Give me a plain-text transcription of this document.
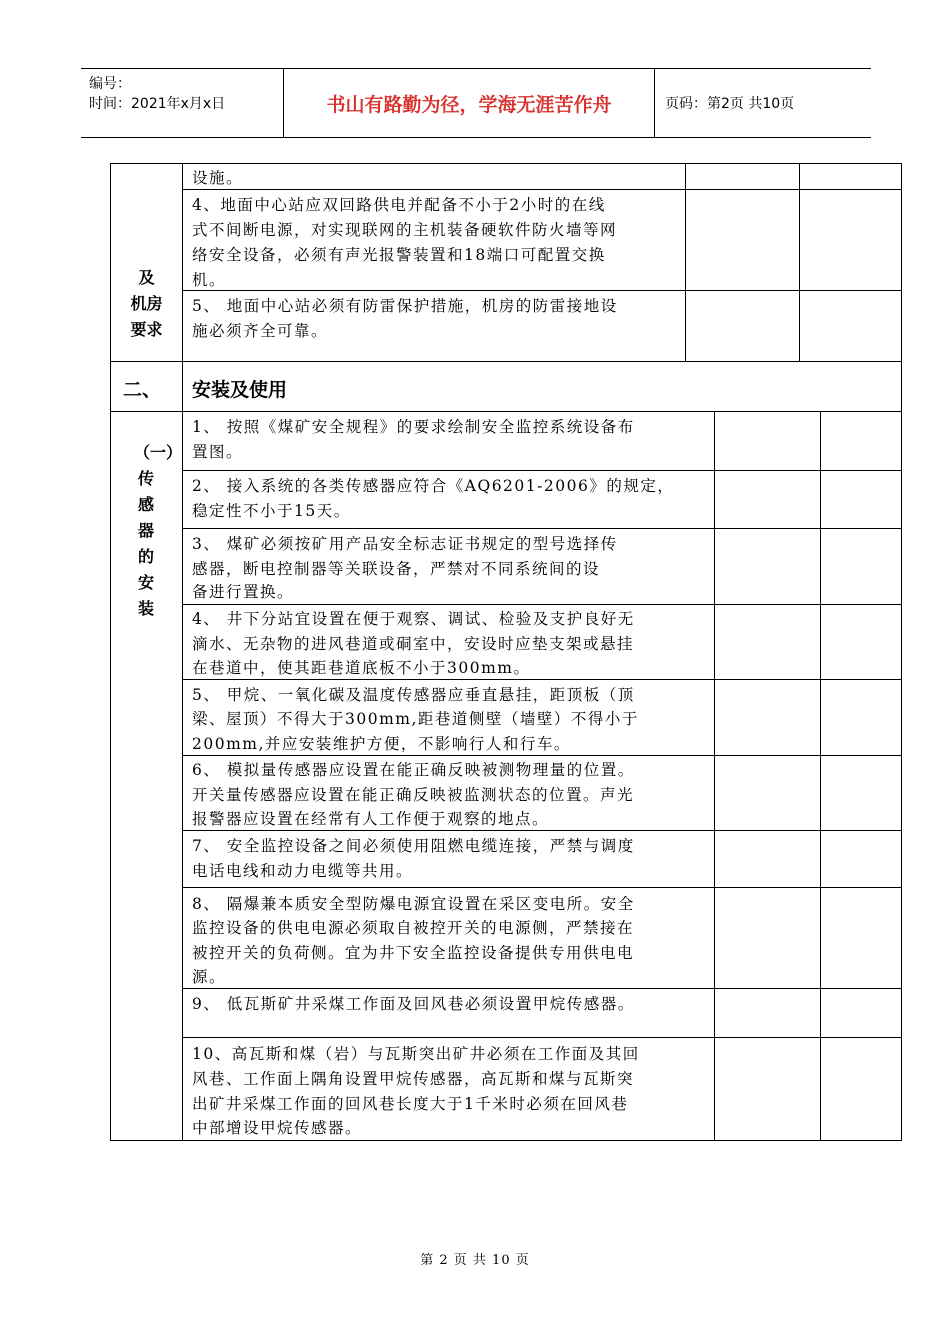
编号：
时间：2021年x月x日	书山有路勤为径，学海无涯苦作舟	页码：第2页 共10页
设施。
4、地面中心站应双回路供电并配备不小于2小时的在线
式不间断电源，对实现联网的主机装备硬软件防火墙等网
络安全设备，必须有声光报警装置和18端口可配置交换
机。
5、 地面中心站必须有防雷保护措施，机房的防雷接地设
施必须齐全可靠。
及
机房
要求
二、 安装及使用
（一）传感器的安装
1、 按照《煤矿安全规程》的要求绘制安全监控系统设备布
置图。
2、 接入系统的各类传感器应符合《AQ6201-2006》的规定，
稳定性不小于15天。
3、 煤矿必须按矿用产品安全标志证书规定的型号选择传
感器，断电控制器等关联设备，严禁对不同系统间的设
备进行置换。
4、 井下分站宜设置在便于观察、调试、检验及支护良好无
滴水、无杂物的进风巷道或硐室中，安设时应垫支架或悬挂
在巷道中，使其距巷道底板不小于300mm。
5、 甲烷、一氧化碳及温度传感器应垂直悬挂，距顶板（顶
梁、屋顶）不得大于300mm,距巷道侧壁（墙壁）不得小于
200mm,并应安装维护方便，不影响行人和行车。
6、 模拟量传感器应设置在能正确反映被测物理量的位置。
开关量传感器应设置在能正确反映被监测状态的位置。声光
报警器应设置在经常有人工作便于观察的地点。
7、 安全监控设备之间必须使用阻燃电缆连接，严禁与调度
电话电线和动力电缆等共用。
8、 隔爆兼本质安全型防爆电源宜设置在采区变电所。安全
监控设备的供电电源必须取自被控开关的电源侧，严禁接在
被控开关的负荷侧。宜为井下安全监控设备提供专用供电电
源。
9、 低瓦斯矿井采煤工作面及回风巷必须设置甲烷传感器。
10、高瓦斯和煤（岩）与瓦斯突出矿井必须在工作面及其回
风巷、工作面上隅角设置甲烷传感器，高瓦斯和煤与瓦斯突
出矿井采煤工作面的回风巷长度大于1千米时必须在回风巷
中部增设甲烷传感器。
第 2 页 共 10 页
